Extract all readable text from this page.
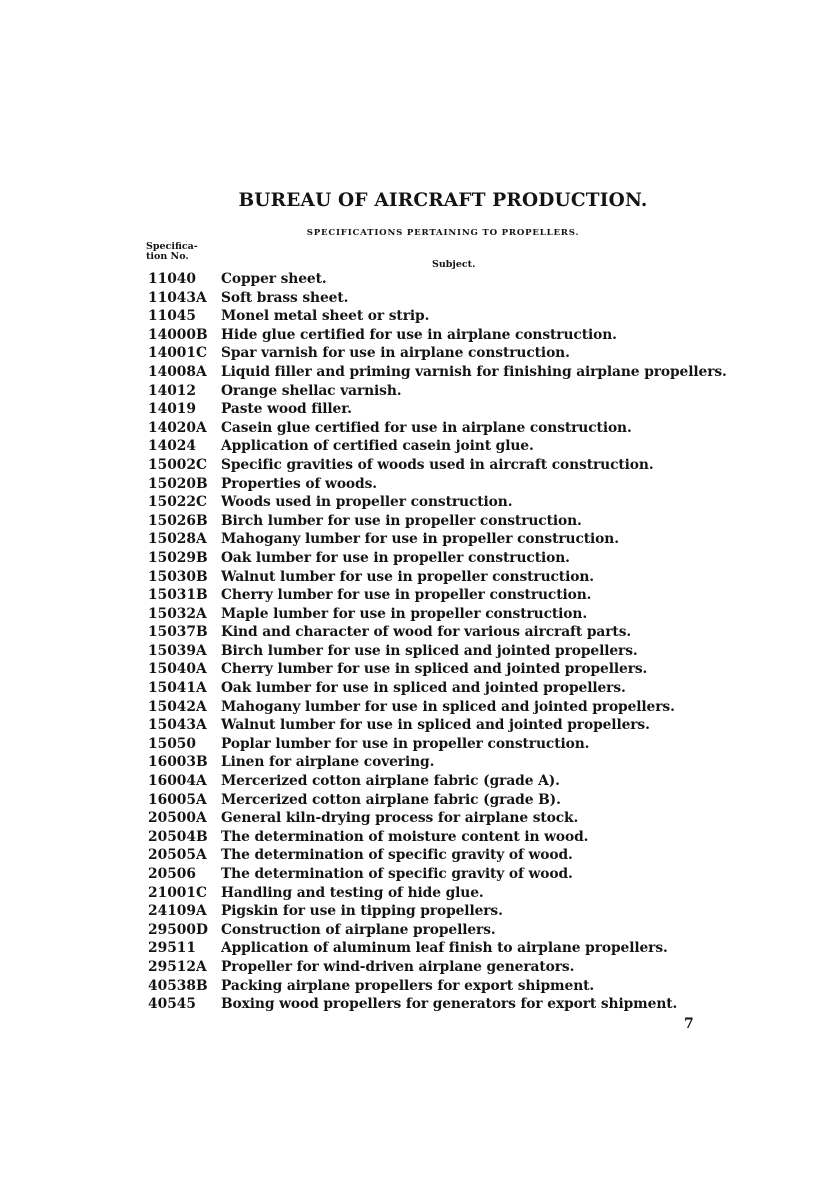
BUREAU OF AIRCRAFT PRODUCTION.
SPECIFICATIONS PERTAINING TO PROPELLERS.
Specifica-
tion No.
Subject.
11040 Copper sheet.
11043A Soft brass sheet.
11045 Monel metal sheet or strip.
14000B Hide glue certified for use in airplane construction.
14001C Spar varnish for use in airplane construction.
14008A Liquid filler and priming varnish for finishing airplane propellers.
14012 Orange shellac varnish.
14019 Paste wood filler.
14020A Casein glue certified for use in airplane construction.
14024 Application of certified casein joint glue.
15002C Specific gravities of woods used in aircraft construction.
15020B Properties of woods.
15022C Woods used in propeller construction.
15026B Birch lumber for use in propeller construction.
15028A Mahogany lumber for use in propeller construction.
15029B Oak lumber for use in propeller construction.
15030B Walnut lumber for use in propeller construction.
15031B Cherry lumber for use in propeller construction.
15032A Maple lumber for use in propeller construction.
15037B Kind and character of wood for various aircraft parts.
15039A Birch lumber for use in spliced and jointed propellers.
15040A Cherry lumber for use in spliced and jointed propellers.
15041A Oak lumber for use in spliced and jointed propellers.
15042A Mahogany lumber for use in spliced and jointed propellers.
15043A Walnut lumber for use in spliced and jointed propellers.
15050 Poplar lumber for use in propeller construction.
16003B Linen for airplane covering.
16004A Mercerized cotton airplane fabric (grade A).
16005A Mercerized cotton airplane fabric (grade B).
20500A General kiln-drying process for airplane stock.
20504B The determination of moisture content in wood.
20505A The determination of specific gravity of wood.
20506 The determination of specific gravity of wood.
21001C Handling and testing of hide glue.
24109A Pigskin for use in tipping propellers.
29500D Construction of airplane propellers.
29511 Application of aluminum leaf finish to airplane propellers.
29512A Propeller for wind-driven airplane generators.
40538B Packing airplane propellers for export shipment.
40545 Boxing wood propellers for generators for export shipment.
7
